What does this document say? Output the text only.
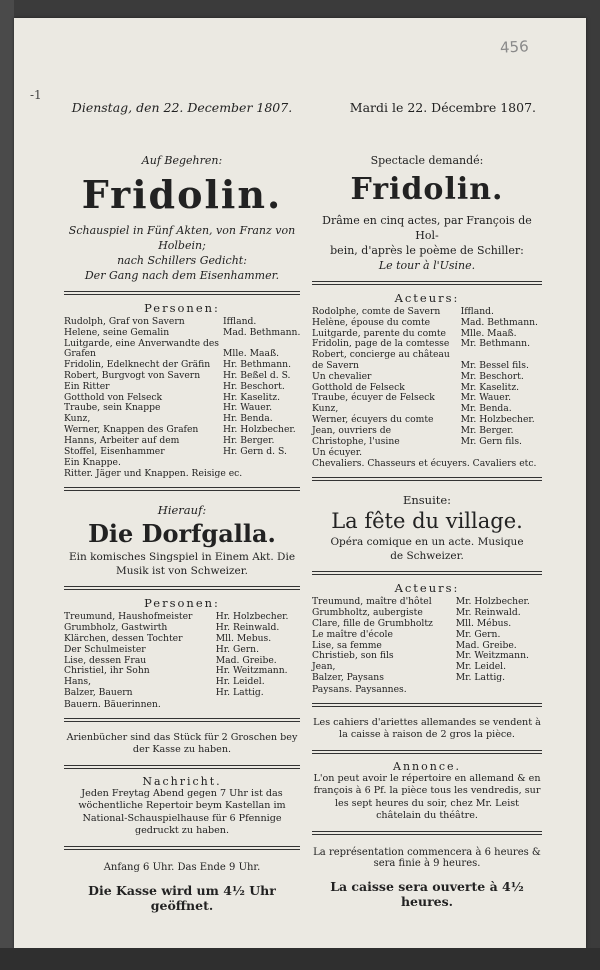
456
-1
Dienstag, den 22. December 1807.
Auf Begehren:
Fridolin.
Schauspiel in Fünf Akten, von Franz von Holbein;
nach Schillers Gedicht:
Der Gang nach dem Eisenhammer.
Personen:
Rudolph, Graf von Savern	Iffland.
Helene, seine Gemalin	Mad. Bethmann.
Luitgarde, eine Anverwandte des	
Grafen	Mlle. Maaß.
Fridolin, Edelknecht der Gräfin	Hr. Bethmann.
Robert, Burgvogt von Savern	Hr. Beßel d. S.
Ein Ritter	Hr. Beschort.
Gotthold von Felseck	Hr. Kaselitz.
Traube, sein Knappe	Hr. Wauer.
Kunz,	Hr. Benda.
Werner, Knappen des Grafen	Hr. Holzbecher.
Hanns, Arbeiter auf dem	Hr. Berger.
Stoffel, Eisenhammer	Hr. Gern d. S.
Ein Knappe.
Ritter. Jäger und Knappen. Reisige ec.
Hierauf:
Die Dorfgalla.
Ein komisches Singspiel in Einem Akt. Die
Musik ist von Schweizer.
Personen:
Treumund, Haushofmeister	Hr. Holzbecher.
Grumbholz, Gastwirth	Hr. Reinwald.
Klärchen, dessen Tochter	Mll. Mebus.
Der Schulmeister	Hr. Gern.
Lise, dessen Frau	Mad. Greibe.
Christiel, ihr Sohn	Hr. Weitzmann.
Hans,	Hr. Leidel.
Balzer, Bauern	Hr. Lattig.
Bauern. Bäuerinnen.
Arienbücher sind das Stück für 2 Groschen bey der Kasse zu haben.
Nachricht.
Jeden Freytag Abend gegen 7 Uhr ist das wöchentliche Repertoir beym Kastellan im National-Schauspielhause für 6 Pfennige gedruckt zu haben.
Anfang 6 Uhr. Das Ende 9 Uhr.
Die Kasse wird um 4½ Uhr geöffnet.
Mardi le 22. Décembre 1807.
Spectacle demandé:
Fridolin.
Drâme en cinq actes, par François de Hol-
bein, d'après le poème de Schiller:
Le tour à l'Usine.
Acteurs:
Rodolphe, comte de Savern	Iffland.
Helène, épouse du comte	Mad. Bethmann.
Luitgarde, parente du comte	Mlle. Maaß.
Fridolin, page de la comtesse	Mr. Bethmann.
Robert, concierge au château	
de Savern	Mr. Bessel fils.
Un chevalier	Mr. Beschort.
Gotthold de Felseck	Mr. Kaselitz.
Traube, écuyer de Felseck	Mr. Wauer.
Kunz,	Mr. Benda.
Werner, écuyers du comte	Mr. Holzbecher.
Jean, ouvriers de	Mr. Berger.
Christophe, l'usine	Mr. Gern fils.
Un écuyer.
Chevaliers. Chasseurs et écuyers. Cavaliers etc.
Ensuite:
La fête du village.
Opéra comique en un acte. Musique
de Schweizer.
Acteurs:
Treumund, maître d'hôtel	Mr. Holzbecher.
Grumbholtz, aubergiste	Mr. Reinwald.
Clare, fille de Grumbholtz	Mll. Mébus.
Le maître d'école	Mr. Gern.
Lise, sa femme	Mad. Greibe.
Christieb, son fils	Mr. Weitzmann.
Jean,	Mr. Leidel.
Balzer, Paysans	Mr. Lattig.
Paysans. Paysannes.
Les cahiers d'ariettes allemandes se vendent à la caisse à raison de 2 gros la pièce.
Annonce.
L'on peut avoir le répertoire en allemand & en françois à 6 Pf. la pièce tous les vendredis, sur les sept heures du soir, chez Mr. Leist châtelain du théâtre.
La représentation commencera à 6 heures & sera finie à 9 heures.
La caisse sera ouverte à 4½ heures.
